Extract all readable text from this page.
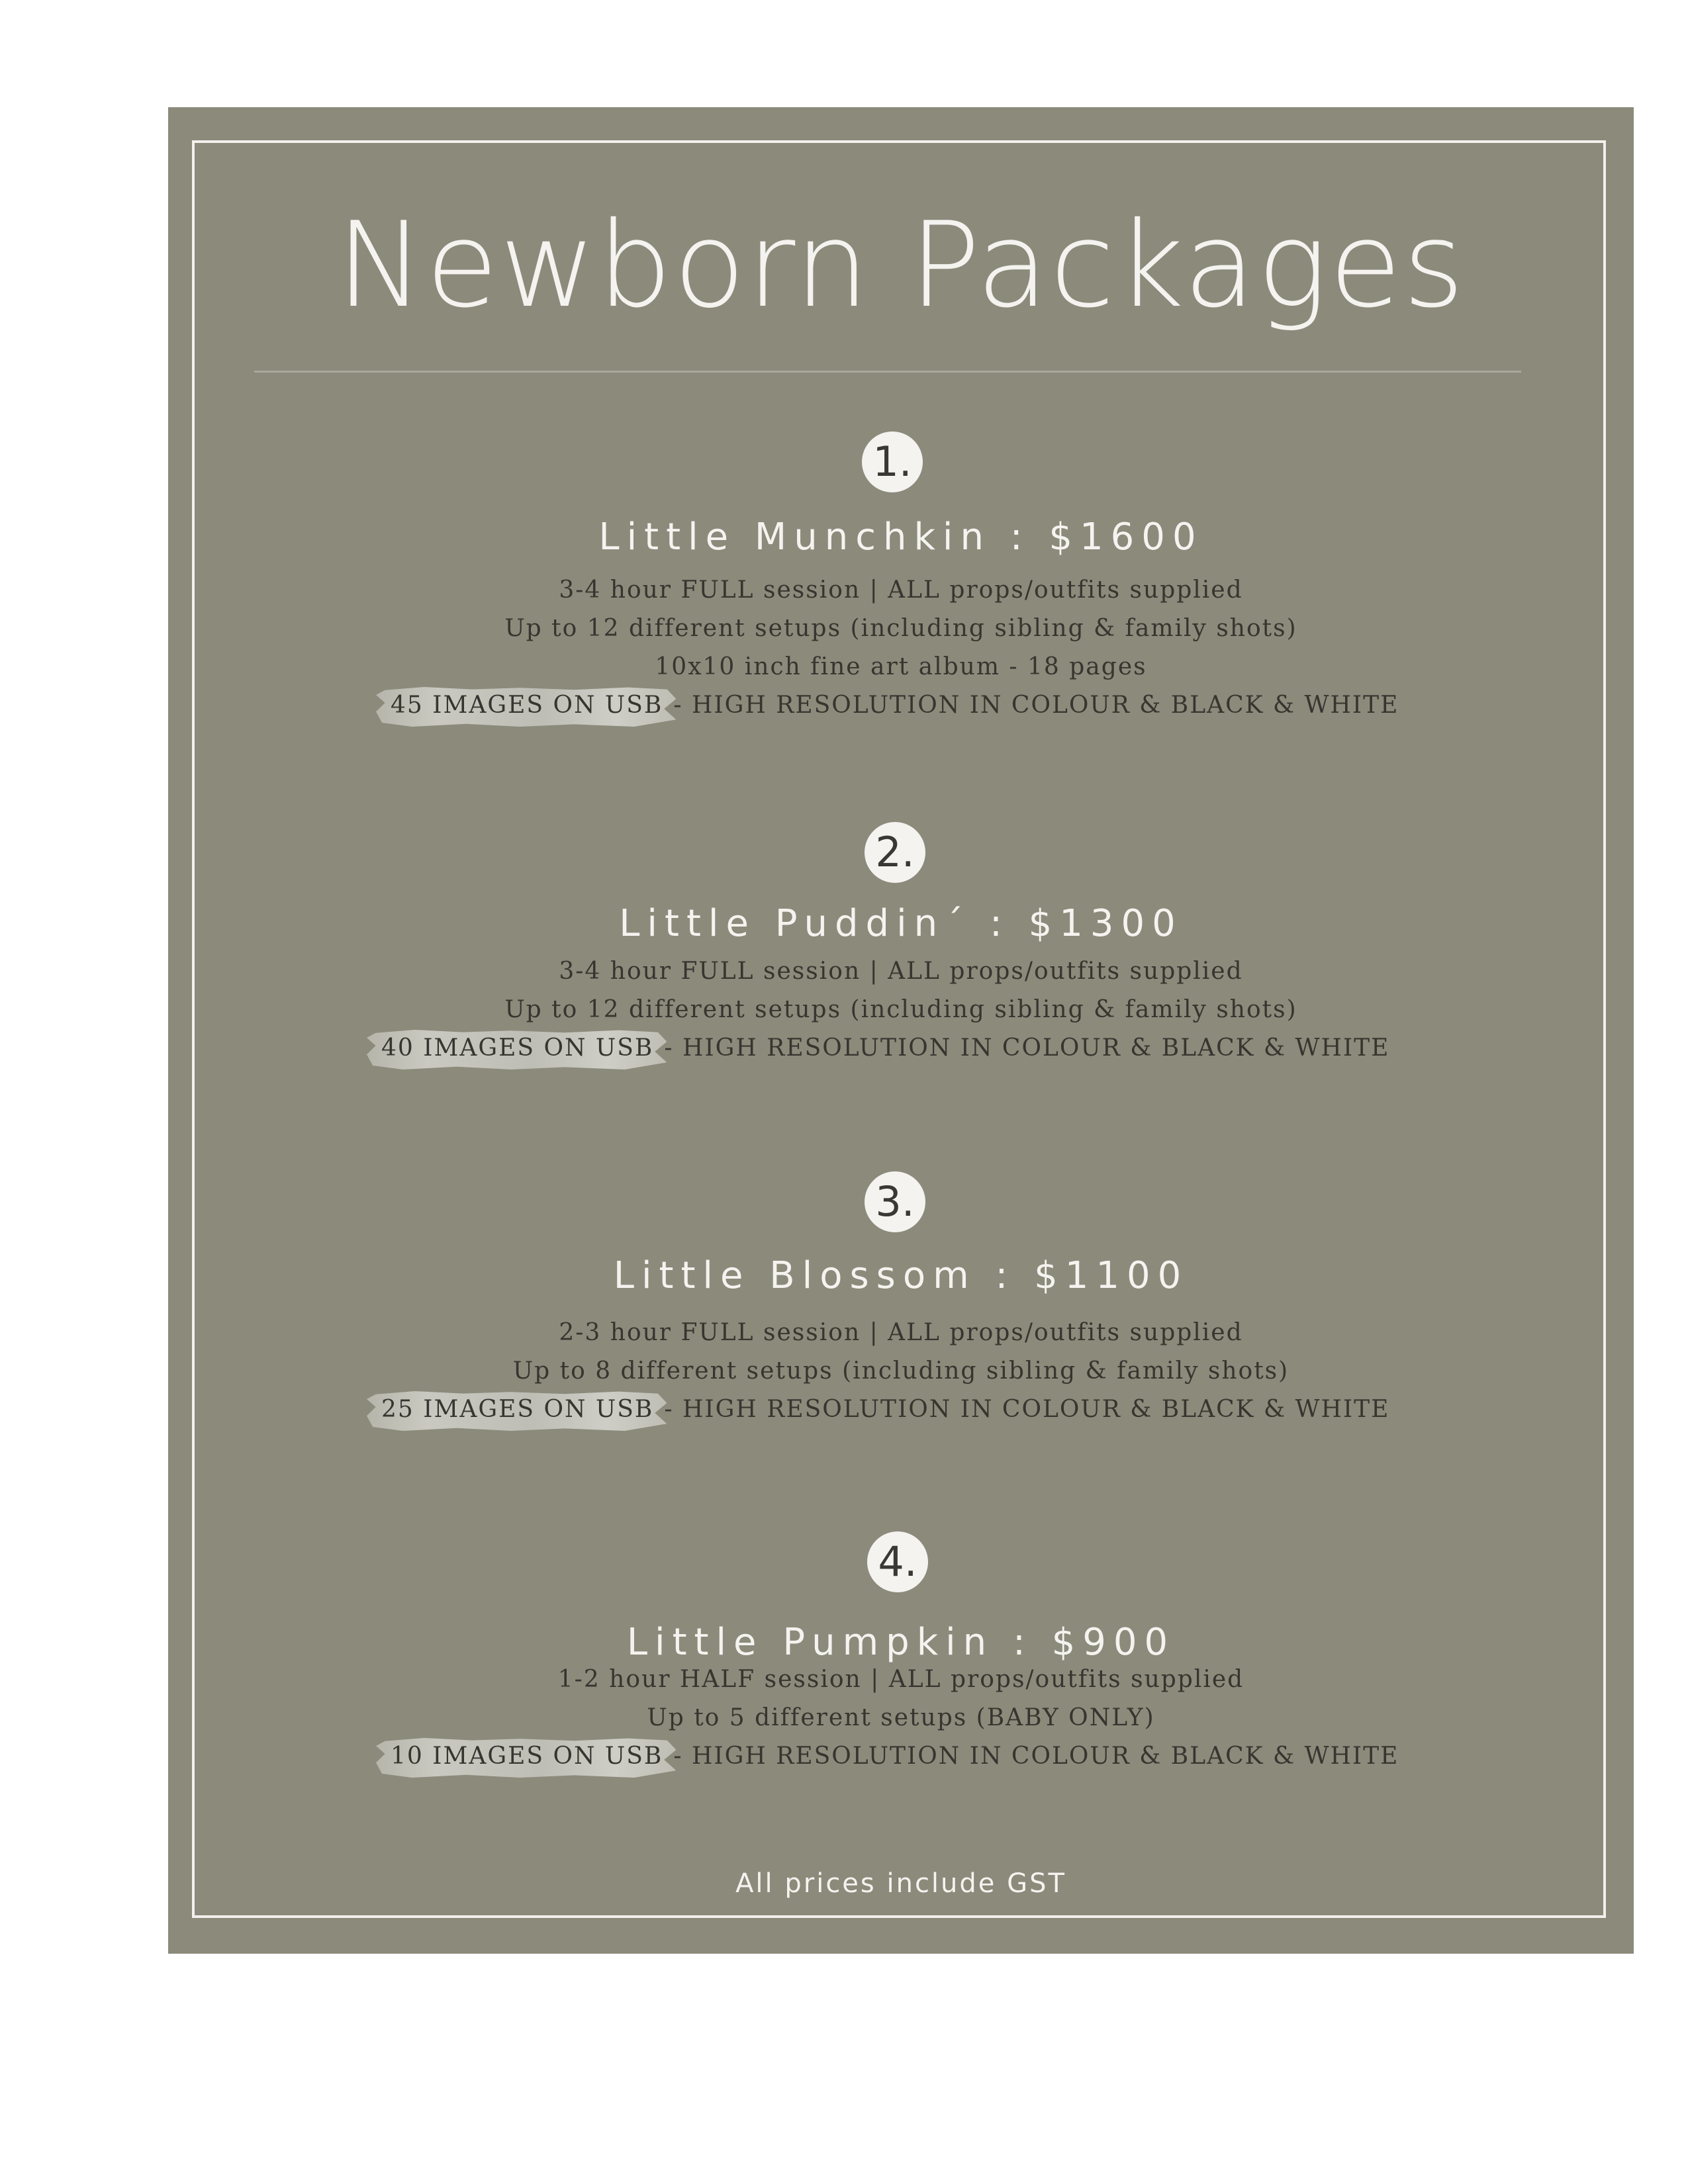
Newborn Packages
1.
Little Munchkin : $1600
3-4 hour FULL session | ALL props/outfits supplied
Up to 12 different setups (including sibling & family shots)
10x10 inch fine art album - 18 pages
45 IMAGES ON USB - HIGH RESOLUTION IN COLOUR & BLACK & WHITE
2.
Little Puddin´ : $1300
3-4 hour FULL session | ALL props/outfits supplied
Up to 12 different setups (including sibling & family shots)
40 IMAGES ON USB - HIGH RESOLUTION IN COLOUR & BLACK & WHITE
3.
Little Blossom : $1100
2-3 hour FULL session | ALL props/outfits supplied
Up to 8 different setups (including sibling & family shots)
25 IMAGES ON USB - HIGH RESOLUTION IN COLOUR & BLACK & WHITE
4.
Little Pumpkin : $900
1-2 hour HALF session | ALL props/outfits supplied
Up to 5 different setups (BABY ONLY)
10 IMAGES ON USB - HIGH RESOLUTION IN COLOUR & BLACK & WHITE
All prices include GST
